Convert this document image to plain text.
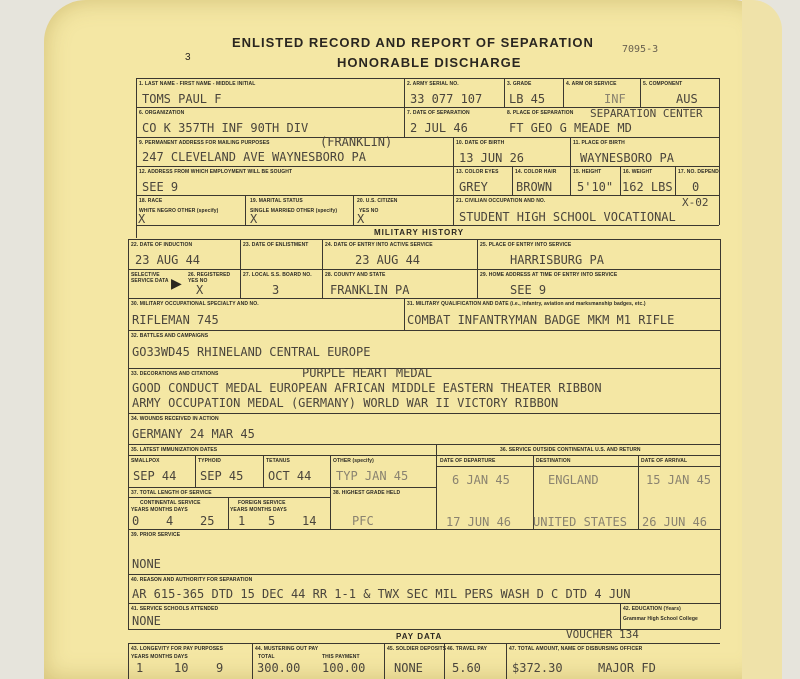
3
7095-3
ENLISTED RECORD AND REPORT OF SEPARATION
HONORABLE DISCHARGE
1. LAST NAME - FIRST NAME - MIDDLE INITIAL
TOMS PAUL F
2. ARMY SERIAL NO.
33 077 107
3. GRADE
LB 45
4. ARM OR SERVICE
INF
5. COMPONENT
AUS
6. ORGANIZATION
CO K 357TH INF 90TH DIV
7. DATE OF SEPARATION
2 JUL 46
8. PLACE OF SEPARATION SEPARATION CENTER
FT GEO G MEADE MD
9. PERMANENT ADDRESS FOR MAILING PURPOSES	(FRANKLIN)
247 CLEVELAND AVE WAYNESBORO PA
10. DATE OF BIRTH
13 JUN 26
11. PLACE OF BIRTH
WAYNESBORO PA
12. ADDRESS FROM WHICH EMPLOYMENT WILL BE SOUGHT
SEE 9
13. COLOR EYES
GREY
14. COLOR HAIR
BROWN
15. HEIGHT
5'10"
16. WEIGHT
162 LBS
17. NO. DEPEND.
0
18. RACE
WHITE NEGRO OTHER (specify)
X
19. MARITAL STATUS
SINGLE MARRIED OTHER (specify)
X
20. U.S. CITIZEN
YES NO
X
21. CIVILIAN OCCUPATION AND NO.	X-02
STUDENT HIGH SCHOOL VOCATIONAL
MILITARY HISTORY
22. DATE OF INDUCTION
23 AUG 44
23. DATE OF ENLISTMENT	24. DATE OF ENTRY INTO ACTIVE SERVICE
23 AUG 44
25. PLACE OF ENTRY INTO SERVICE
HARRISBURG PA
SELECTIVE SERVICE DATA ▶ 26. REGISTERED YES NO
X
27. LOCAL S.S. BOARD NO.
3
28. COUNTY AND STATE
FRANKLIN PA
29. HOME ADDRESS AT TIME OF ENTRY INTO SERVICE
SEE 9
30. MILITARY OCCUPATIONAL SPECIALTY AND NO.
RIFLEMAN 745
31. MILITARY QUALIFICATION AND DATE (i.e., infantry, aviation and marksmanship badges, etc.)
COMBAT INFANTRYMAN BADGE MKM M1 RIFLE
32. BATTLES AND CAMPAIGNS
GO33WD45 RHINELAND CENTRAL EUROPE
33. DECORATIONS AND CITATIONS	PURPLE HEART MEDAL
GOOD CONDUCT MEDAL EUROPEAN AFRICAN MIDDLE EASTERN THEATER RIBBON
ARMY OCCUPATION MEDAL (GERMANY) WORLD WAR II VICTORY RIBBON
34. WOUNDS RECEIVED IN ACTION
GERMANY 24 MAR 45
35. LATEST IMMUNIZATION DATES
SMALLPOX
SEP 44
TYPHOID
SEP 45
TETANUS
OCT 44
OTHER (specify)
TYP JAN 45
36. SERVICE OUTSIDE CONTINENTAL U.S. AND RETURN
DATE OF DEPARTURE	DESTINATION	DATE OF ARRIVAL
6 JAN 45	ENGLAND	15 JAN 45
17 JUN 46 UNITED STATES 26 JUN 46
37. TOTAL LENGTH OF SERVICE
CONTINENTAL SERVICE	FOREIGN SERVICE
YEARS MONTHS DAYS	YEARS MONTHS DAYS
0 4 25 1 5 14
38. HIGHEST GRADE HELD
PFC
39. PRIOR SERVICE
NONE
40. REASON AND AUTHORITY FOR SEPARATION
AR 615-365 DTD 15 DEC 44 RR 1-1 & TWX SEC MIL PERS WASH D C DTD 4 JUN
41. SERVICE SCHOOLS ATTENDED
NONE
42. EDUCATION (Years)
Grammar High School College
PAY DATA	VOUCHER 134
43. LONGEVITY FOR PAY PURPOSES
YEARS MONTHS DAYS
1	10 9
44. MUSTERING OUT PAY
TOTAL	THIS PAYMENT
300.00 100.00
45. SOLDIER DEPOSITS
NONE
46. TRAVEL PAY
5.60
47. TOTAL AMOUNT, NAME OF DISBURSING OFFICER
$372.30	MAJOR FD
